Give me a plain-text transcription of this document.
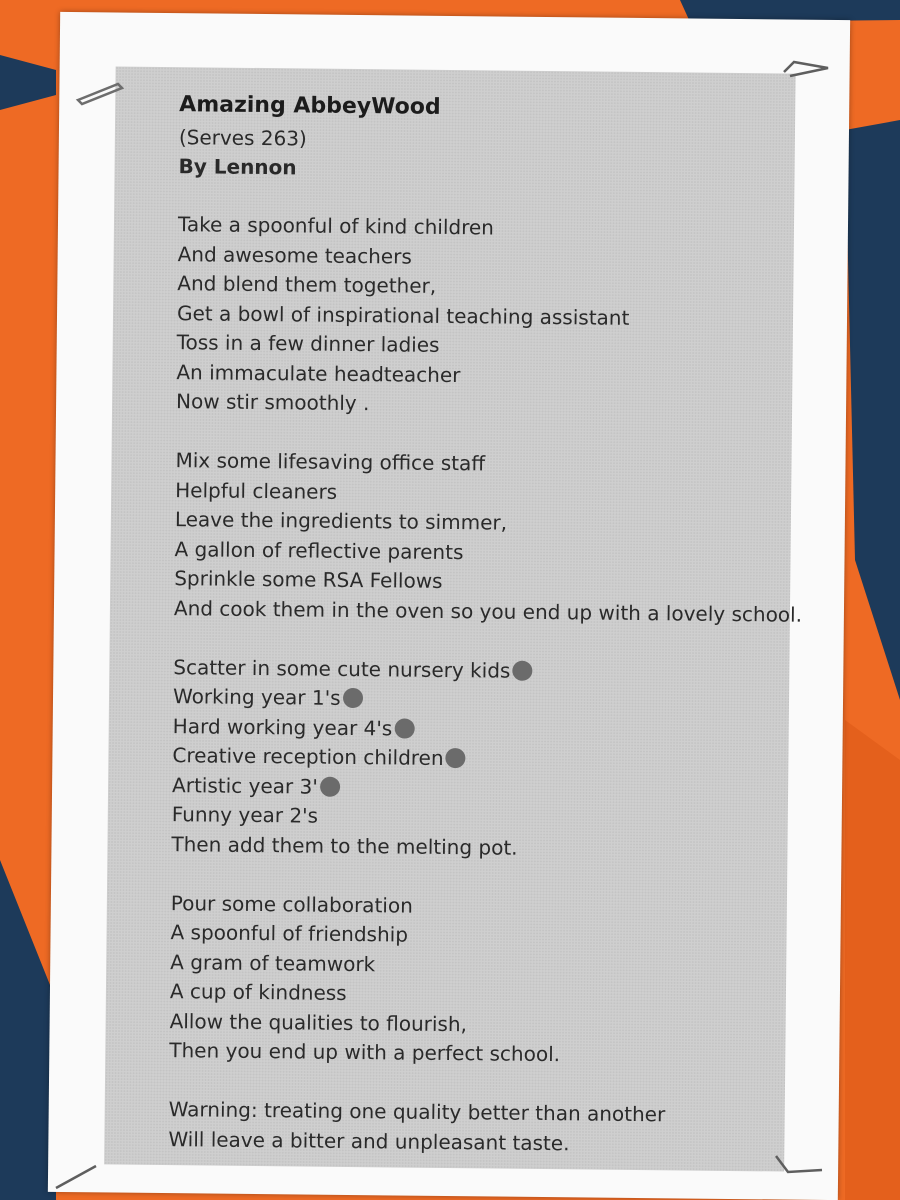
Amazing AbbeyWood
(Serves 263)
By Lennon
Take a spoonful of kind children
And awesome teachers
And blend them together,
Get a bowl of inspirational teaching assistant
Toss in a few dinner ladies
An immaculate headteacher
Now stir smoothly .
Mix some lifesaving office staff
Helpful cleaners
Leave the ingredients to simmer,
A gallon of reflective parents
Sprinkle some RSA Fellows
And cook them in the oven so you end up with a lovely school.
Scatter in some cute nursery kids
Working year 1's
Hard working year 4's
Creative reception children
Artistic year 3'
Funny year 2's
Then add them to the melting pot.
Pour some collaboration
A spoonful of friendship
A gram of teamwork
A cup of kindness
Allow the qualities to flourish,
Then you end up with a perfect school.
Warning: treating one quality better than another
Will leave a bitter and unpleasant taste.
